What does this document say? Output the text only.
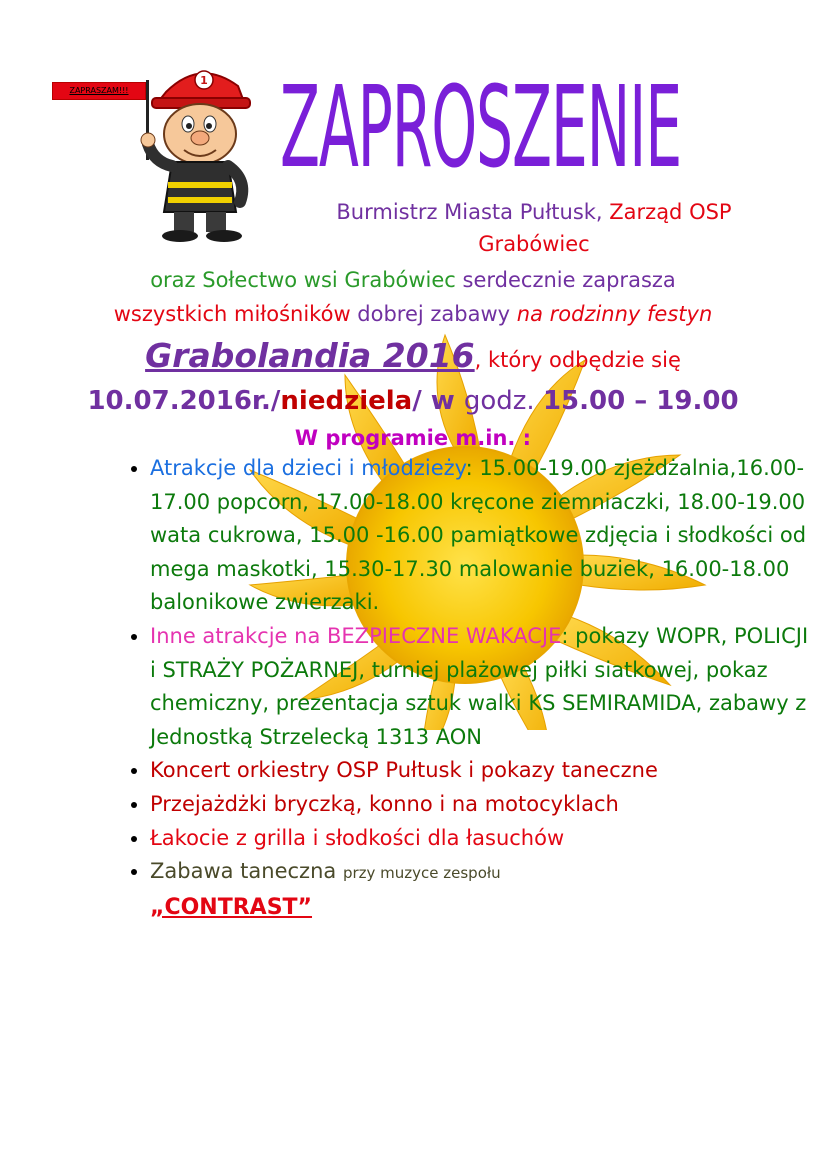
ZAPRASZAM!!!
1 ZAPROSZENIE
Burmistrz Miasta Pułtusk, Zarząd OSP
Grabówiec
oraz Sołectwo wsi Grabówiec serdecznie zaprasza
wszystkich miłośników dobrej zabawy na rodzinny festyn
Grabolandia 2016, który odbędzie się
10.07.2016r./niedziela/ w godz. 15.00 – 19.00
W programie m.in. :
• Atrakcje dla dzieci i młodzieży: 15.00-19.00 zjeżdżalnia,16.00-17.00 popcorn, 17.00-18.00 kręcone ziemniaczki, 18.00-19.00 wata cukrowa, 15.00 -16.00 pamiątkowe zdjęcia i słodkości od mega maskotki, 15.30-17.30 malowanie buziek, 16.00-18.00 balonikowe zwierzaki.
• Inne atrakcje na BEZPIECZNE WAKACJE: pokazy WOPR, POLICJI i STRAŻY POŻARNEJ, turniej plażowej piłki siatkowej, pokaz chemiczny, prezentacja sztuk walki KS SEMIRAMIDA, zabawy z Jednostką Strzelecką 1313 AON
• Koncert orkiestry OSP Pułtusk i pokazy taneczne
• Przejażdżki bryczką, konno i na motocyklach
• Łakocie z grilla i słodkości dla łasuchów
• Zabawa taneczna przy muzyce zespołu
„CONTRAST”
